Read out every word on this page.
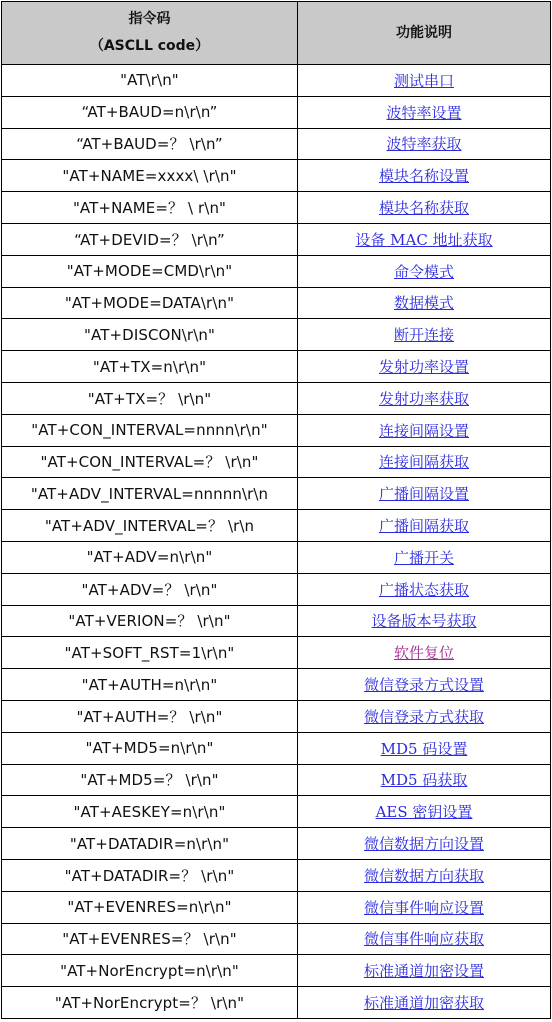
指令码
（ASCLL code）	功能说明
"AT\r\n"	测试串口
“AT+BAUD=n\r\n”	波特率设置
“AT+BAUD=？ \r\n”	波特率获取
"AT+NAME=xxxx\ \r\n"	模块名称设置
"AT+NAME=？ \ r\n"	模块名称获取
“AT+DEVID=？ \r\n”	设备 MAC 地址获取
"AT+MODE=CMD\r\n"	命令模式
"AT+MODE=DATA\r\n"	数据模式
"AT+DISCON\r\n"	断开连接
"AT+TX=n\r\n"	发射功率设置
"AT+TX=？ \r\n"	发射功率获取
"AT+CON_INTERVAL=nnnn\r\n"	连接间隔设置
"AT+CON_INTERVAL=？ \r\n"	连接间隔获取
"AT+ADV_INTERVAL=nnnnn\r\n	广播间隔设置
"AT+ADV_INTERVAL=？ \r\n	广播间隔获取
"AT+ADV=n\r\n"	广播开关
"AT+ADV=？ \r\n"	广播状态获取
"AT+VERION=？ \r\n"	设备版本号获取
"AT+SOFT_RST=1\r\n"	软件复位
"AT+AUTH=n\r\n"	微信登录方式设置
"AT+AUTH=？ \r\n"	微信登录方式获取
"AT+MD5=n\r\n"	MD5 码设置
"AT+MD5=？ \r\n"	MD5 码获取
"AT+AESKEY=n\r\n"	AES 密钥设置
"AT+DATADIR=n\r\n"	微信数据方向设置
"AT+DATADIR=？ \r\n"	微信数据方向获取
"AT+EVENRES=n\r\n"	微信事件响应设置
"AT+EVENRES=？ \r\n"	微信事件响应获取
"AT+NorEncrypt=n\r\n"	标准通道加密设置
"AT+NorEncrypt=？ \r\n"	标准通道加密获取
